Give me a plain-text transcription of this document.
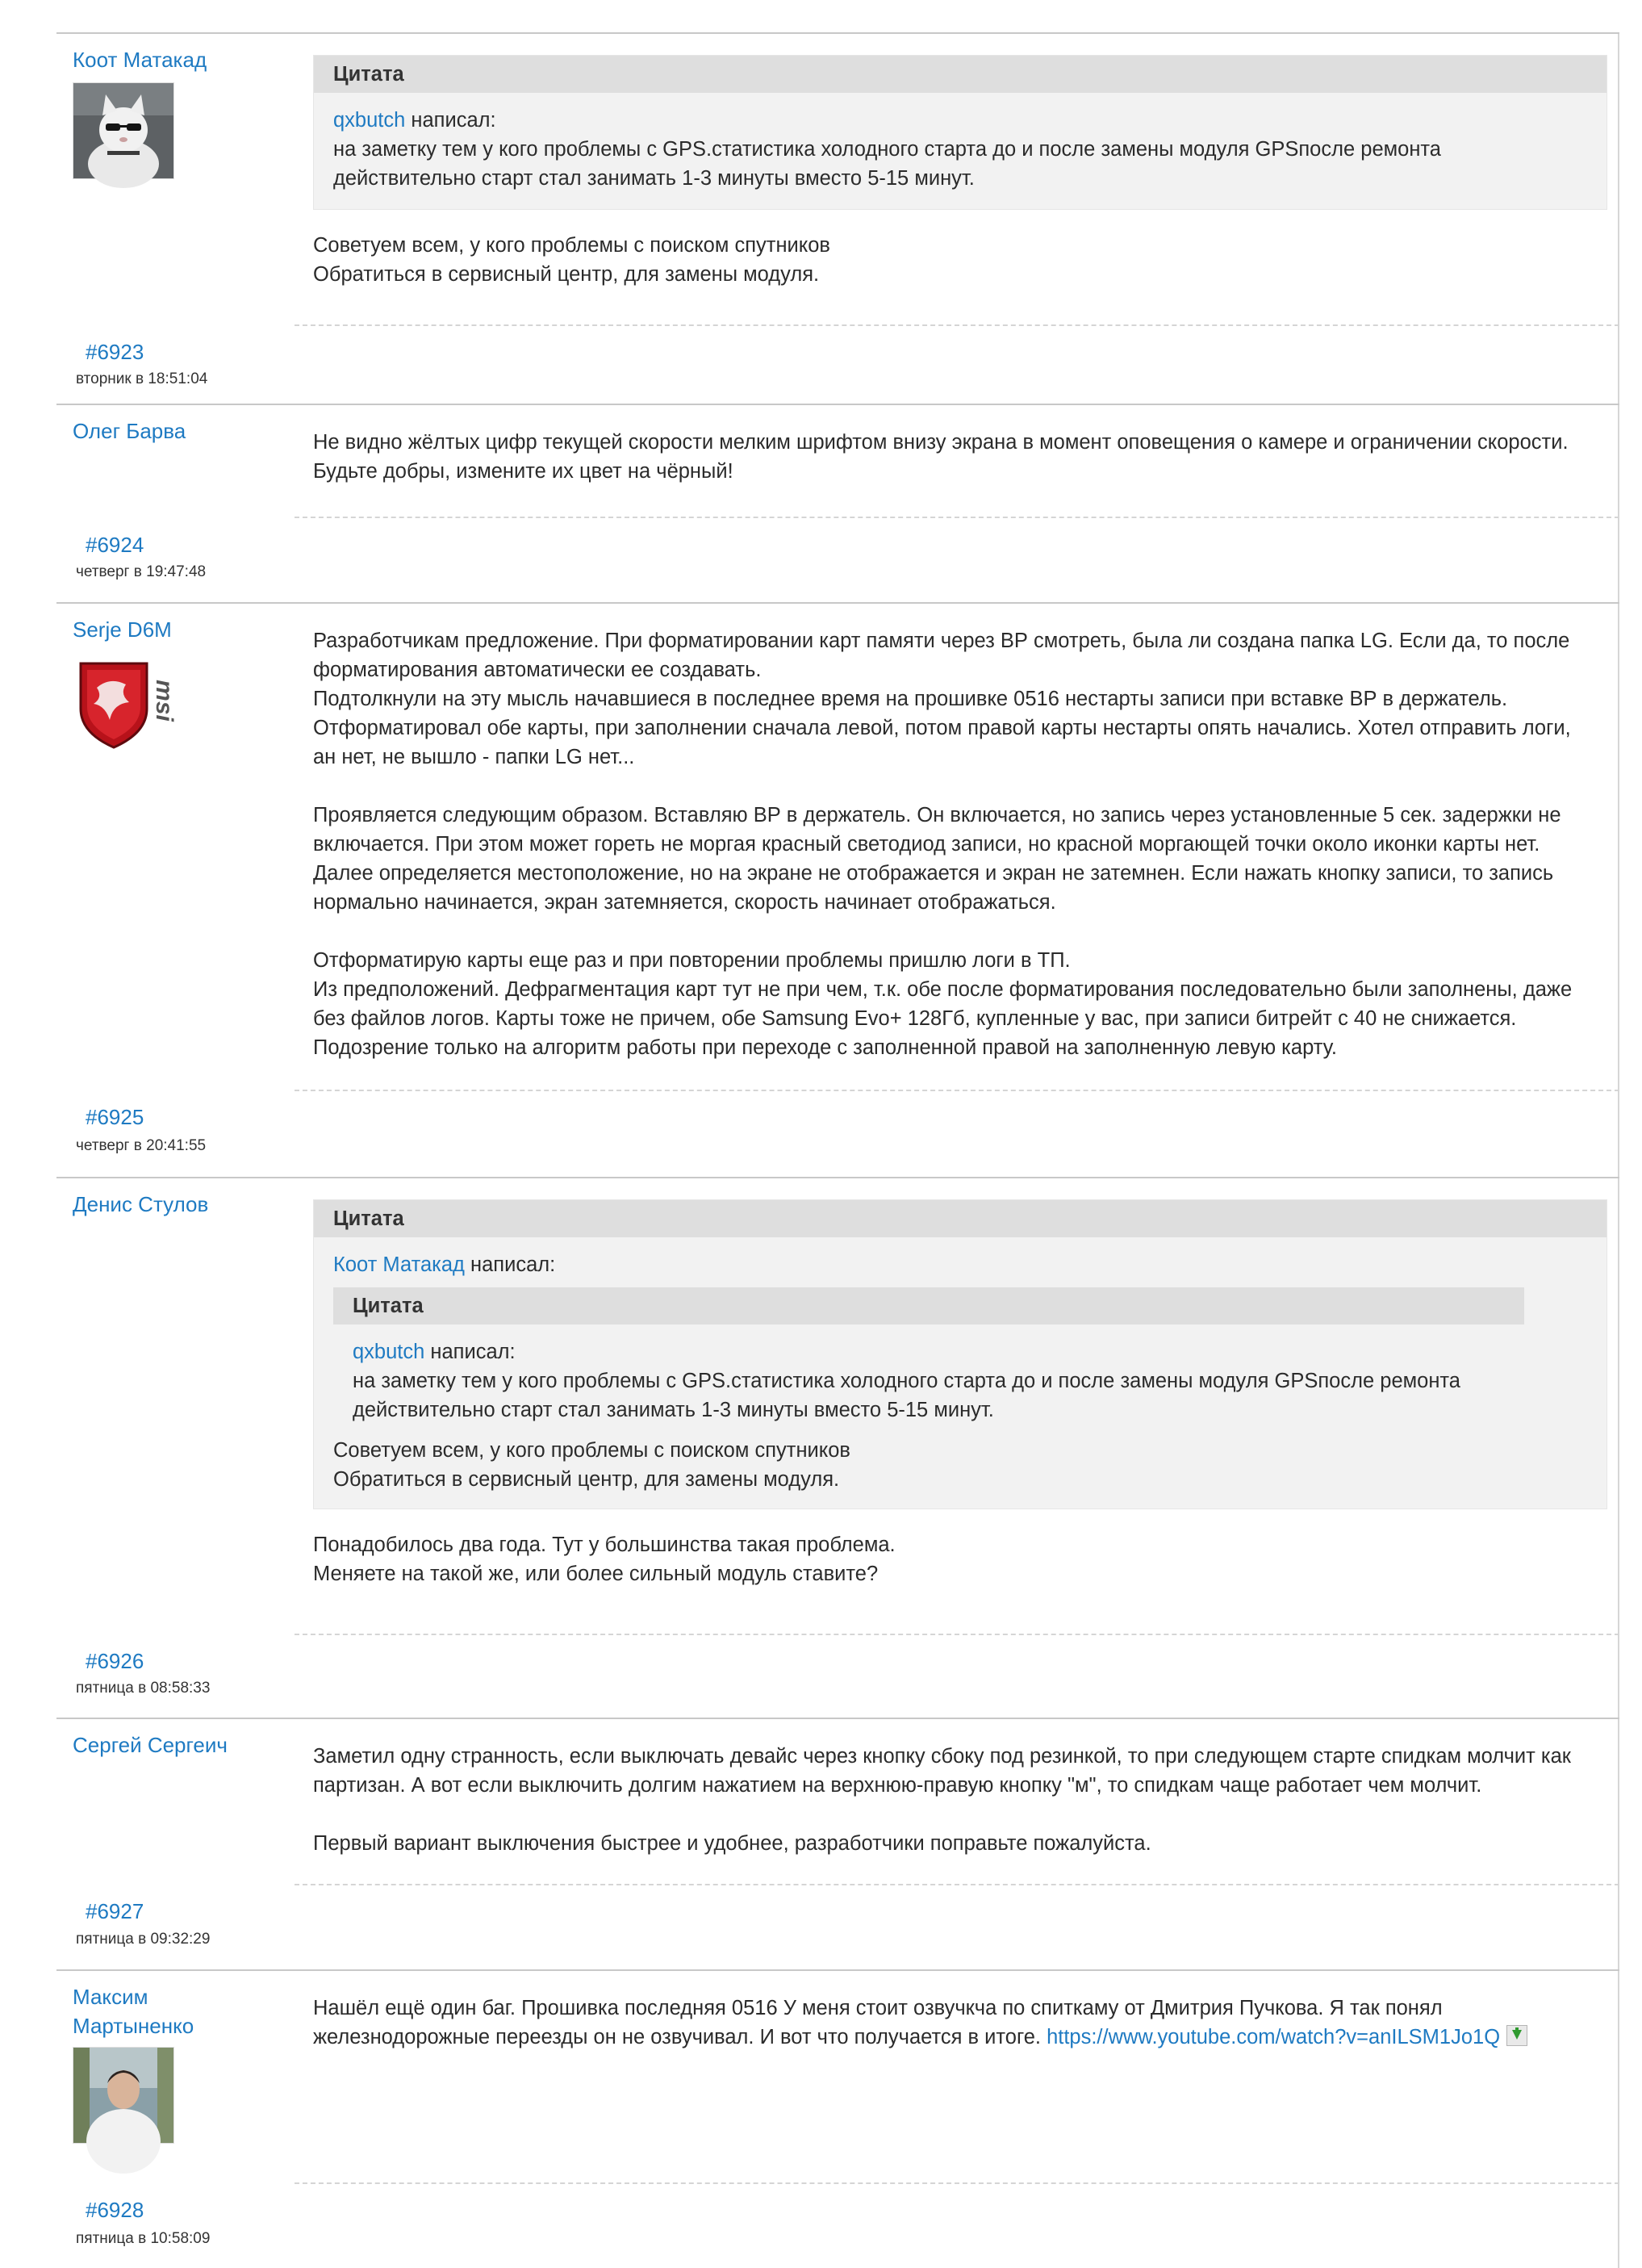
Коот Матакад
Цитата

qxbutch написал:

на заметку тем у кого проблемы с GPS.статистика холодного старта до и после замены модуля GPSпосле ремонта

действительно старт стал занимать 1-3 минуты вместо 5-15 минут.

Советуем всем, у кого проблемы с поиском спутников

Обратиться в сервисный центр, для замены модуля.

#6923
вторник в 18:51:04
Олег Барва	Не видно жёлтых цифр текущей скорости мелким шрифтом внизу экрана в момент оповещения о камере и ограничении скорости.

Будьте добры, измените их цвет на чёрный!

#6924
четверг в 19:47:48
Serje D6M
msi

Разработчикам предложение. При форматировании карт памяти через ВР смотреть, была ли создана папка LG. Если да, то после

форматирования автоматически ее создавать.

Подтолкнули на эту мысль начавшиеся в последнее время на прошивке 0516 нестарты записи при вставке ВР в держатель.

Отформатировал обе карты, при заполнении сначала левой, потом правой карты нестарты опять начались. Хотел отправить логи,

ан нет, не вышло - папки LG нет...

Проявляется следующим образом. Вставляю ВР в держатель. Он включается, но запись через установленные 5 сек. задержки не

включается. При этом может гореть не моргая красный светодиод записи, но красной моргающей точки около иконки карты нет.

Далее определяется местоположение, но на экране не отображается и экран не затемнен. Если нажать кнопку записи, то запись

нормально начинается, экран затемняется, скорость начинает отображаться.

Отформатирую карты еще раз и при повторении проблемы пришлю логи в ТП.

Из предположений. Дефрагментация карт тут не при чем, т.к. обе после форматирования последовательно были заполнены, даже

без файлов логов. Карты тоже не причем, обе Samsung Evo+ 128Гб, купленные у вас, при записи битрейт с 40 не снижается.

Подозрение только на алгоритм работы при переходе с заполненной правой на заполненную левую карту.

#6925
четверг в 20:41:55
Денис Стулов
Цитата

Коот Матакад написал:

Цитата

qxbutch написал:

на заметку тем у кого проблемы с GPS.статистика холодного старта до и после замены модуля GPSпосле ремонта

действительно старт стал занимать 1-3 минуты вместо 5-15 минут.

Советуем всем, у кого проблемы с поиском спутников

Обратиться в сервисный центр, для замены модуля.

Понадобилось два года. Тут у большинства такая проблема.

Меняете на такой же, или более сильный модуль ставите?

#6926
пятница в 08:58:33
Сергей Сергеич	Заметил одну странность, если выключать девайс через кнопку сбоку под резинкой, то при следующем старте спидкам молчит как

партизан. А вот если выключить долгим нажатием на верхнюю-правую кнопку "м", то спидкам чаще работает чем молчит.

Первый вариант выключения быстрее и удобнее, разработчики поправьте пожалуйста.

#6927
пятница в 09:32:29
Максим Мартыненко

Нашёл ещё один баг. Прошивка последняя 0516 У меня стоит озвучкча по спиткаму от Дмитрия Пучкова. Я так понял

железнодорожные переезды он не озвучивал. И вот что получается в итоге. https://www.youtube.com/watch?v=anILSM1Jo1Q

#6928
пятница в 10:58:09
